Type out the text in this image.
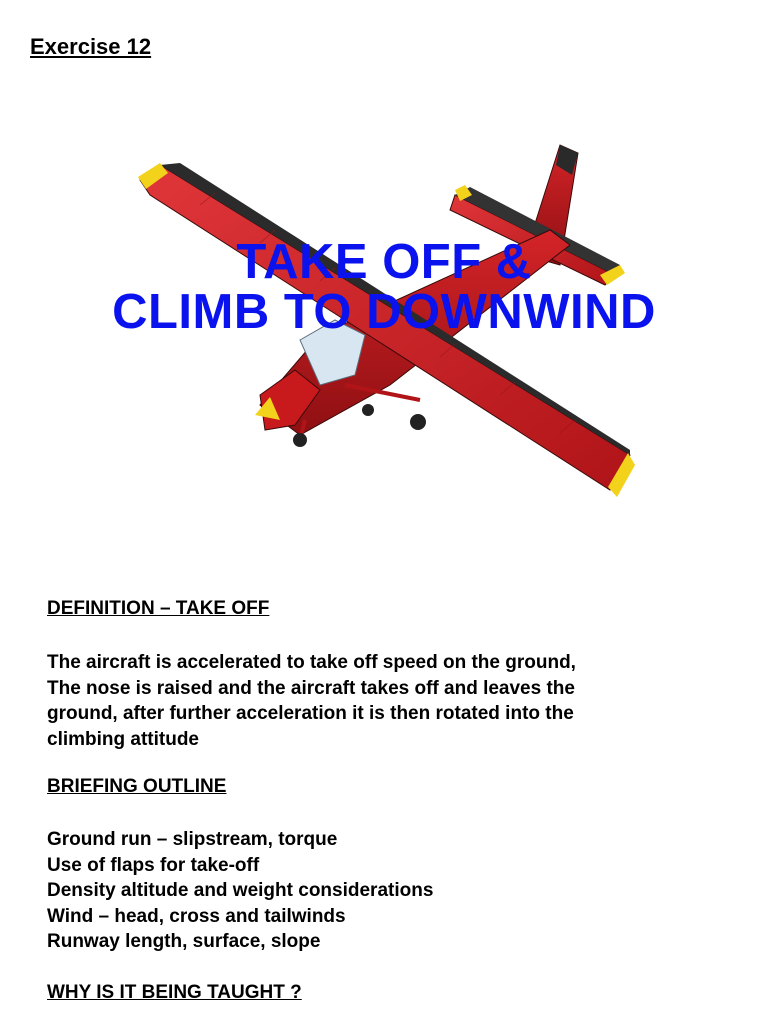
Exercise 12

TAKE OFF &

CLIMB TO DOWNWIND

DEFINITION – TAKE OFF

The aircraft is accelerated to take off speed on the ground,
The nose is raised and the aircraft takes off and leaves the
ground, after further acceleration it is then rotated into the
climbing attitude

BRIEFING OUTLINE
Ground run – slipstream, torque
Use of flaps for take-off
Density altitude and weight considerations
Wind – head, cross and tailwinds
Runway length, surface, slope
WHY IS IT BEING TAUGHT ?
